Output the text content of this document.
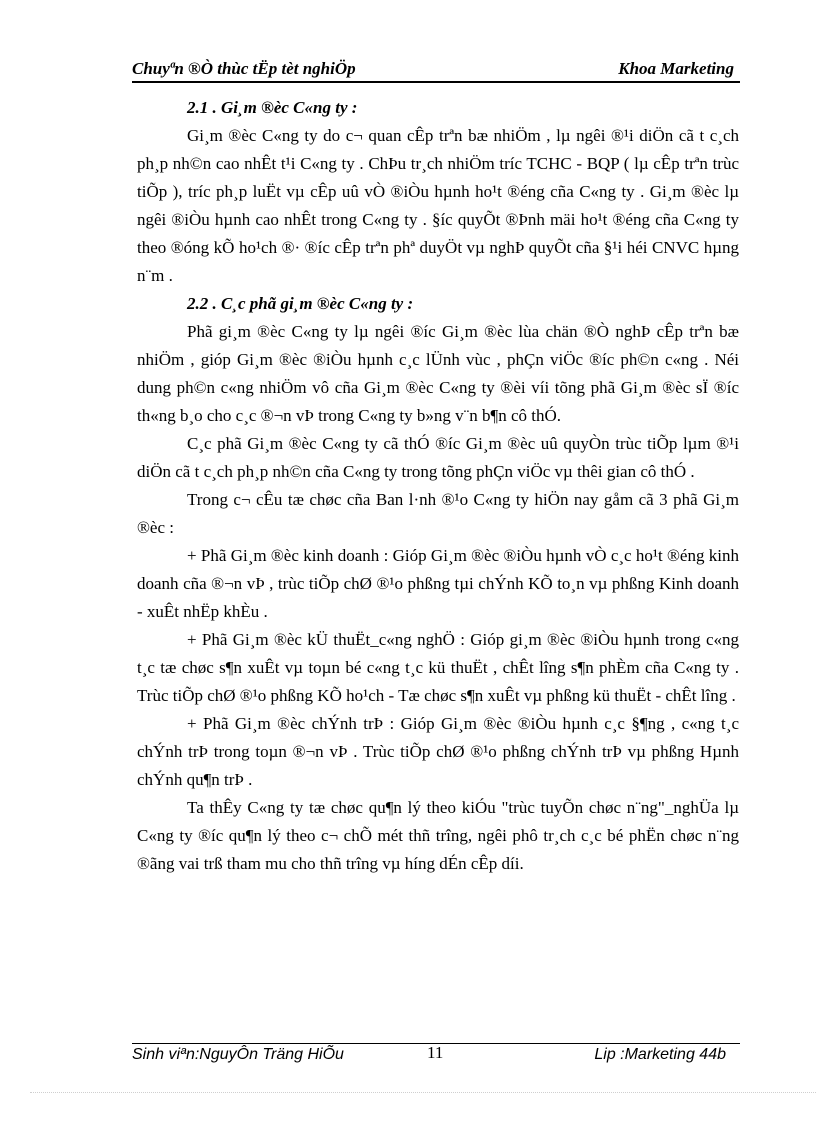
Chuyªn ®Ò thùc tËp tèt nghiÖp	Khoa Marketing

2.1 . Gi¸m ®èc C«ng ty :

Gi¸m ®èc C«ng ty do c¬ quan cÊp trªn bæ nhiÖm , lµ ngêi ®¹i diÖn cã t c¸ch ph¸p nh©n cao nhÊt t¹i C«ng ty . ChÞu tr¸ch nhiÖm tríc TCHC - BQP ( lµ cÊp trªn trùc tiÕp ), tríc ph¸p luËt vµ cÊp uû vÒ ®iÒu hµnh ho¹t ®éng cña C«ng ty . Gi¸m ®èc lµ ngêi ®iÒu hµnh cao nhÊt trong C«ng ty . §íc quyÕt ®Þnh mäi ho¹t ®éng cña C«ng ty theo ®óng kÕ ho¹ch ®· ®íc cÊp trªn phª duyÖt vµ nghÞ quyÕt cña §¹i héi CNVC hµng n¨m .

2.2 . C¸c phã gi¸m ®èc C«ng ty :

Phã gi¸m ®èc C«ng ty lµ ngêi ®íc Gi¸m ®èc lùa chän ®Ò nghÞ cÊp trªn bæ nhiÖm , gióp Gi¸m ®èc ®iÒu hµnh c¸c lÜnh vùc , phÇn viÖc ®íc ph©n c«ng . Néi dung ph©n c«ng nhiÖm vô cña Gi¸m ®èc C«ng ty ®èi víi tõng phã Gi¸m ®èc sÏ ®íc th«ng b¸o cho c¸c ®¬n vÞ trong C«ng ty b»ng v¨n b¶n cô thÓ.

C¸c phã Gi¸m ®èc C«ng ty cã thÓ ®íc Gi¸m ®èc uû quyÒn trùc tiÕp lµm ®¹i diÖn cã t c¸ch ph¸p nh©n cña C«ng ty trong tõng phÇn viÖc vµ thêi gian cô thÓ .

Trong c¬ cÊu tæ chøc cña Ban l·nh ®¹o C«ng ty hiÖn nay gåm cã 3 phã Gi¸m ®èc :

+ Phã Gi¸m ®èc kinh doanh : Gióp Gi¸m ®èc ®iÒu hµnh vÒ c¸c ho¹t ®éng kinh doanh cña ®¬n vÞ , trùc tiÕp chØ ®¹o phßng tµi chÝnh KÕ to¸n vµ phßng Kinh doanh - xuÊt nhËp khÈu .

+ Phã Gi¸m ®èc kÜ thuËt_c«ng nghÖ : Gióp gi¸m ®èc ®iÒu hµnh trong c«ng t¸c tæ chøc s¶n xuÊt vµ toµn bé c«ng t¸c kü thuËt , chÊt lîng s¶n phÈm cña C«ng ty . Trùc tiÕp chØ ®¹o phßng KÕ ho¹ch - Tæ chøc s¶n xuÊt vµ phßng kü thuËt - chÊt lîng .

+ Phã Gi¸m ®èc chÝnh trÞ : Gióp Gi¸m ®èc ®iÒu hµnh c¸c §¶ng , c«ng t¸c chÝnh trÞ trong toµn ®¬n vÞ . Trùc tiÕp chØ ®¹o phßng chÝnh trÞ vµ phßng Hµnh chÝnh qu¶n trÞ .

Ta thÊy C«ng ty tæ chøc qu¶n lý theo kiÓu "trùc tuyÕn chøc n¨ng"_nghÜa lµ C«ng ty ®íc qu¶n lý theo c¬ chÕ mét thñ trîng, ngêi phô tr¸ch c¸c bé phËn chøc n¨ng ®ãng vai trß tham mu cho thñ trîng vµ híng dÉn cÊp díi.

Sinh viªn:NguyÔn Träng HiÕu	11	Lip :Marketing 44b
